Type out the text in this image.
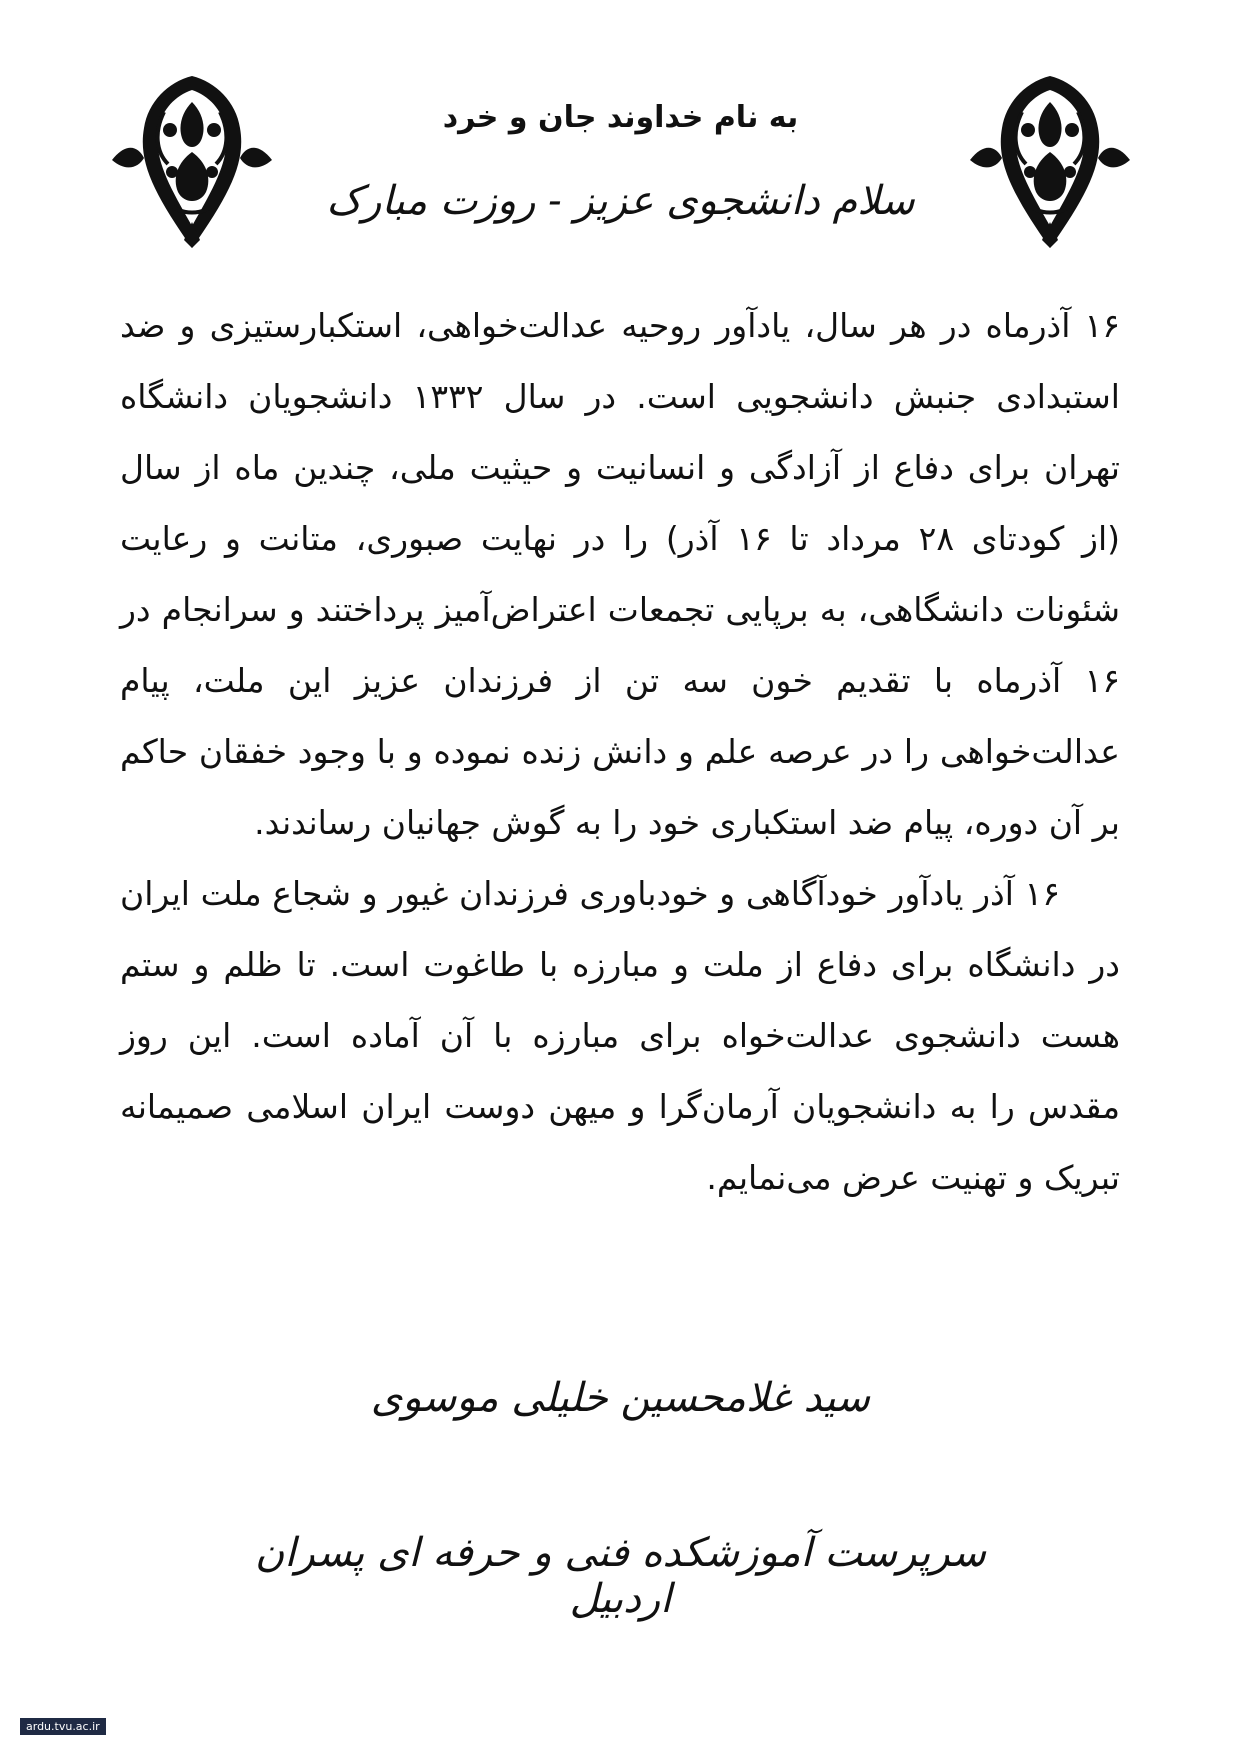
به نام خداوند جان و خرد
سلام دانشجوی عزیز - روزت مبارک

۱۶ آذرماه در هر سال، یادآور روحیه عدالت‌خواهی، استکبارستیزی و ضد استبدادی جنبش دانشجویی است. در سال ۱۳۳۲ دانشجویان دانشگاه تهران برای دفاع از آزادگی و انسانیت و حیثیت ملی، چندین ماه از سال (از کودتای ۲۸ مرداد تا ۱۶ آذر) را در نهایت صبوری، متانت و رعایت شئونات دانشگاهی، به برپایی تجمعات اعتراض‌آمیز پرداختند و سرانجام در ۱۶ آذرماه با تقدیم خون سه تن از فرزندان عزیز این ملت، پیام عدالت‌خواهی را در عرصه علم و دانش زنده نموده و با وجود خفقان حاکم بر آن دوره، پیام ضد استکباری خود را به گوش جهانیان رساندند.

۱۶ آذر یادآور خودآگاهی و خودباوری فرزندان غیور و شجاع ملت ایران در دانشگاه برای دفاع از ملت و مبارزه با طاغوت است. تا ظلم و ستم هست دانشجوی عدالت‌خواه برای مبارزه با آن آماده است. این روز مقدس را به دانشجویان آرمان‌گرا و میهن دوست ایران اسلامی صمیمانه تبریک و تهنیت عرض می‌نمایم.

سید غلامحسین خلیلی موسوی
سرپرست آموزشکده فنی و حرفه ای پسران اردبیل
ardu.tvu.ac.ir
